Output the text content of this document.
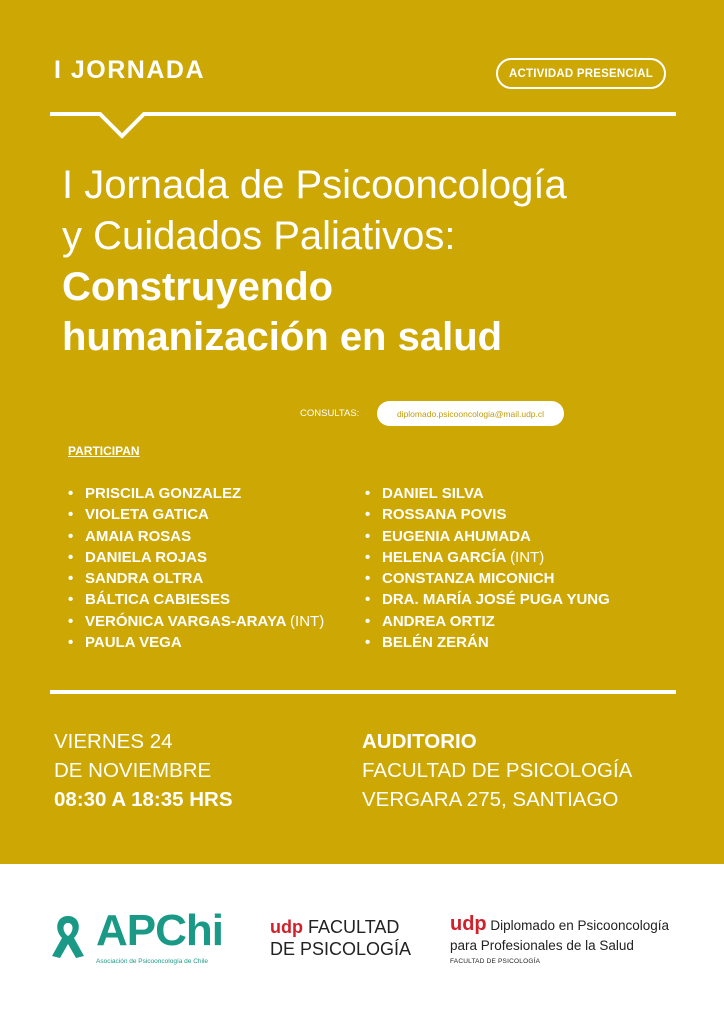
I JORNADA	ACTIVIDAD PRESENCIAL
I Jornada de Psicooncología
y Cuidados Paliativos:
Construyendo
humanización en salud
CONSULTAS:	diplomado.psicooncologia@mail.udp.cl
PARTICIPAN
• PRISCILA GONZALEZ
• VIOLETA GATICA
• AMAIA ROSAS
• DANIELA ROJAS
• SANDRA OLTRA
• BÁLTICA CABIESES
• VERÓNICA VARGAS-ARAYA (INT)
• PAULA VEGA
• DANIEL SILVA
• ROSSANA POVIS
• EUGENIA AHUMADA
• HELENA GARCÍA (INT)
• CONSTANZA MICONICH
• DRA. MARÍA JOSÉ PUGA YUNG
• ANDREA ORTIZ
• BELÉN ZERÁN
VIERNES 24
DE NOVIEMBRE
08:30 A 18:35 HRS
AUDITORIO
FACULTAD DE PSICOLOGÍA
VERGARA 275, SANTIAGO
APChi
Asociación de Psicooncología de Chile
udp FACULTAD
DE PSICOLOGÍA
udp Diplomado en Psicooncología
para Profesionales de la Salud
FACULTAD DE PSICOLOGÍA
